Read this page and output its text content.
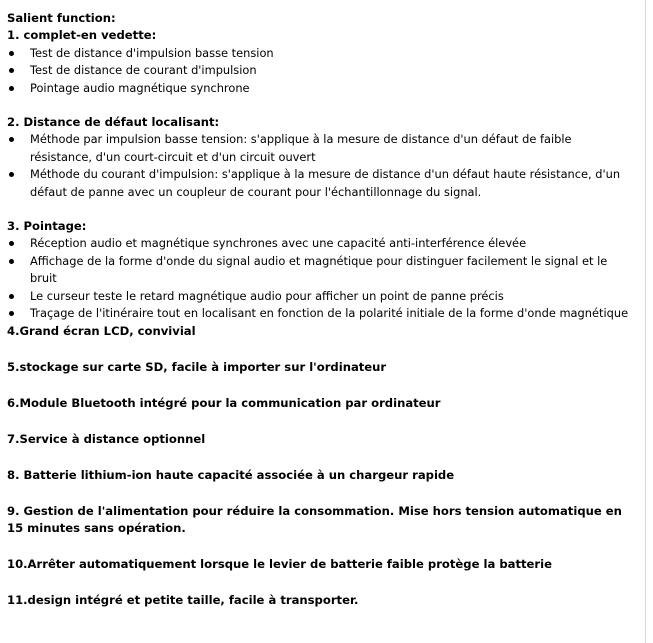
Salient function:
1. complet-en vedette:
Test de distance d'impulsion basse tension
Test de distance de courant d'impulsion
Pointage audio magnétique synchrone
2. Distance de défaut localisant:
Méthode par impulsion basse tension: s'applique à la mesure de distance d'un défaut de faible résistance, d'un court-circuit et d'un circuit ouvert
Méthode du courant d'impulsion: s'applique à la mesure de distance d'un défaut haute résistance, d'un défaut de panne avec un coupleur de courant pour l'échantillonnage du signal.
3. Pointage:
Réception audio et magnétique synchrones avec une capacité anti-interférence élevée
Affichage de la forme d'onde du signal audio et magnétique pour distinguer facilement le signal et le bruit
Le curseur teste le retard magnétique audio pour afficher un point de panne précis
Traçage de l'itinéraire tout en localisant en fonction de la polarité initiale de la forme d'onde magnétique
4.Grand écran LCD, convivial
5.stockage sur carte SD, facile à importer sur l'ordinateur
6.Module Bluetooth intégré pour la communication par ordinateur
7.Service à distance optionnel
8. Batterie lithium-ion haute capacité associée à un chargeur rapide
9. Gestion de l'alimentation pour réduire la consommation. Mise hors tension automatique en 15 minutes sans opération.
10.Arrêter automatiquement lorsque le levier de batterie faible protège la batterie
11.design intégré et petite taille, facile à transporter.
